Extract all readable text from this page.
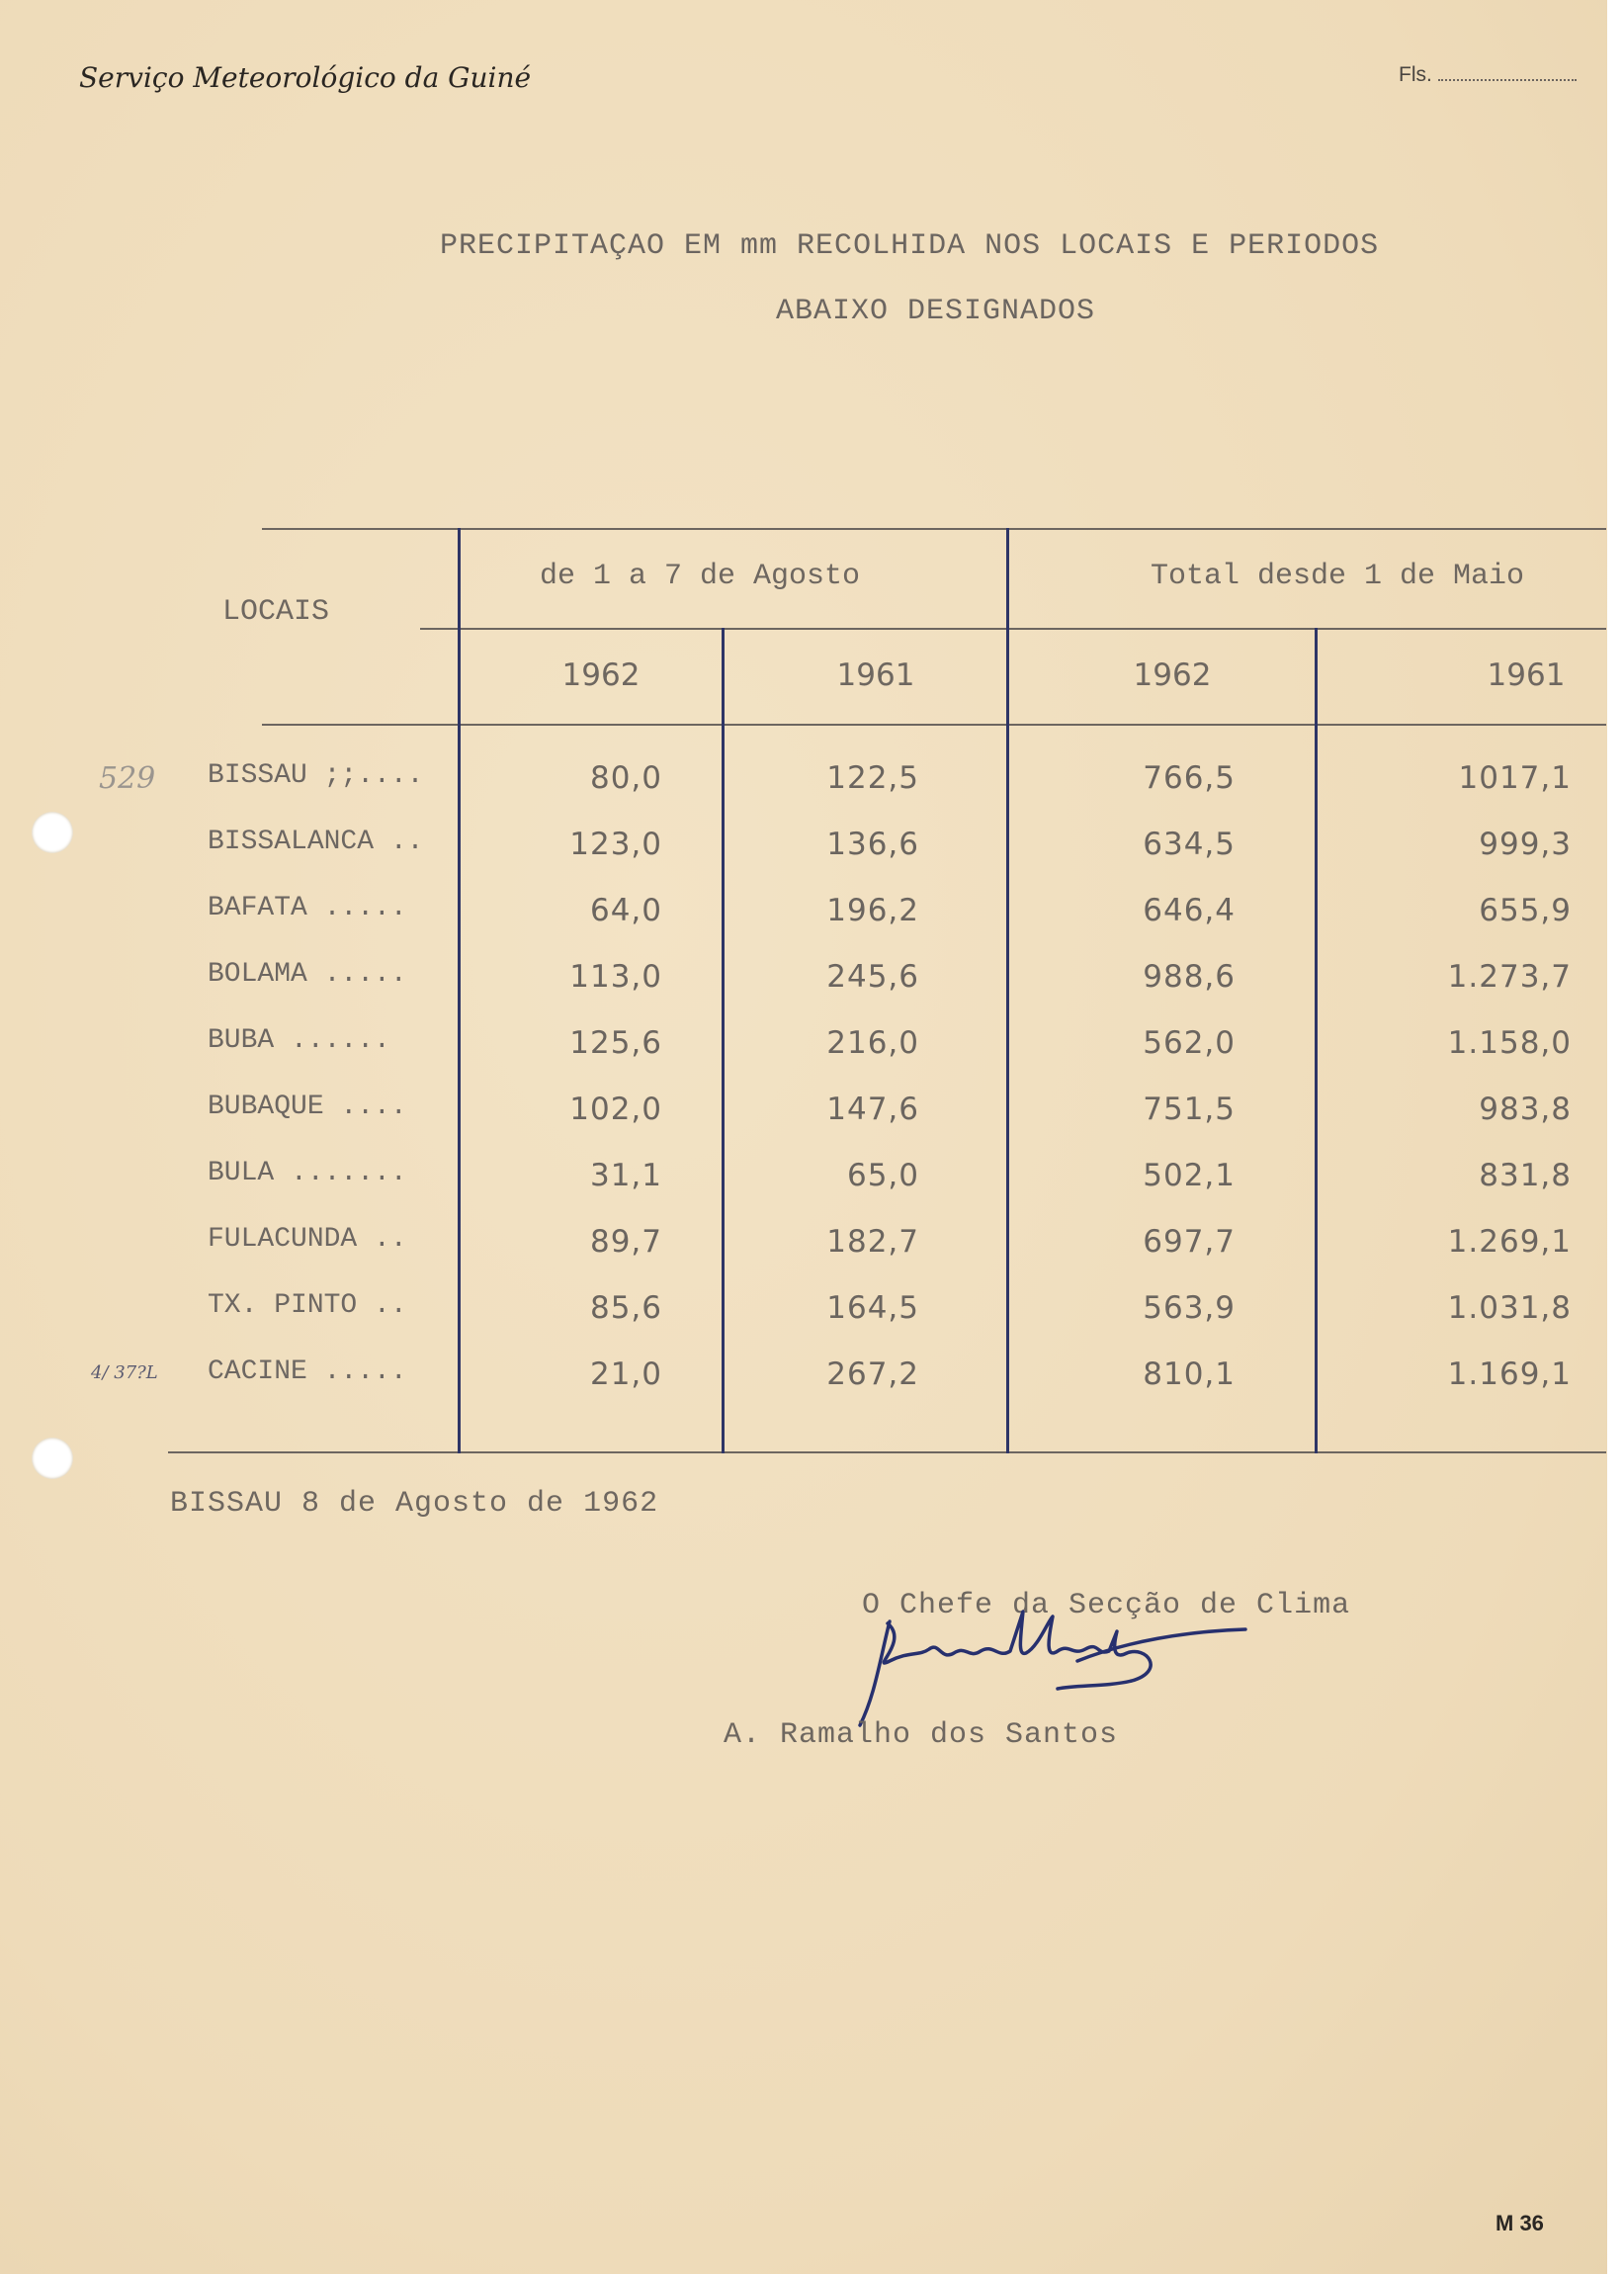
Serviço Meteorológico da Guiné	Fls.
PRECIPITAÇAO EM mm RECOLHIDA NOS LOCAIS E PERIODOS
ABAIXO DESIGNADOS
LOCAIS
de 1 a 7 de Agosto	Total desde 1 de Maio
1962	1961	1962	1961
BISSAU ;;....	80,0	122,5	766,5	1017,1
BISSALANCA ..	123,0	136,6	634,5	999,3
BAFATA .....	64,0	196,2	646,4	655,9
BOLAMA .....	113,0	245,6	988,6	1.273,7
BUBA ......	125,6	216,0	562,0	1.158,0
BUBAQUE ....	102,0	147,6	751,5	983,8
BULA .......	31,1	65,0	502,1	831,8
FULACUNDA ..	89,7	182,7	697,7	1.269,1
TX. PINTO ..	85,6	164,5	563,9	1.031,8
CACINE .....	21,0	267,2	810,1	1.169,1
529
4/ 37?L
BISSAU 8 de Agosto de 1962
O Chefe da Secção de Clima
A. Ramalho dos Santos
M 36
